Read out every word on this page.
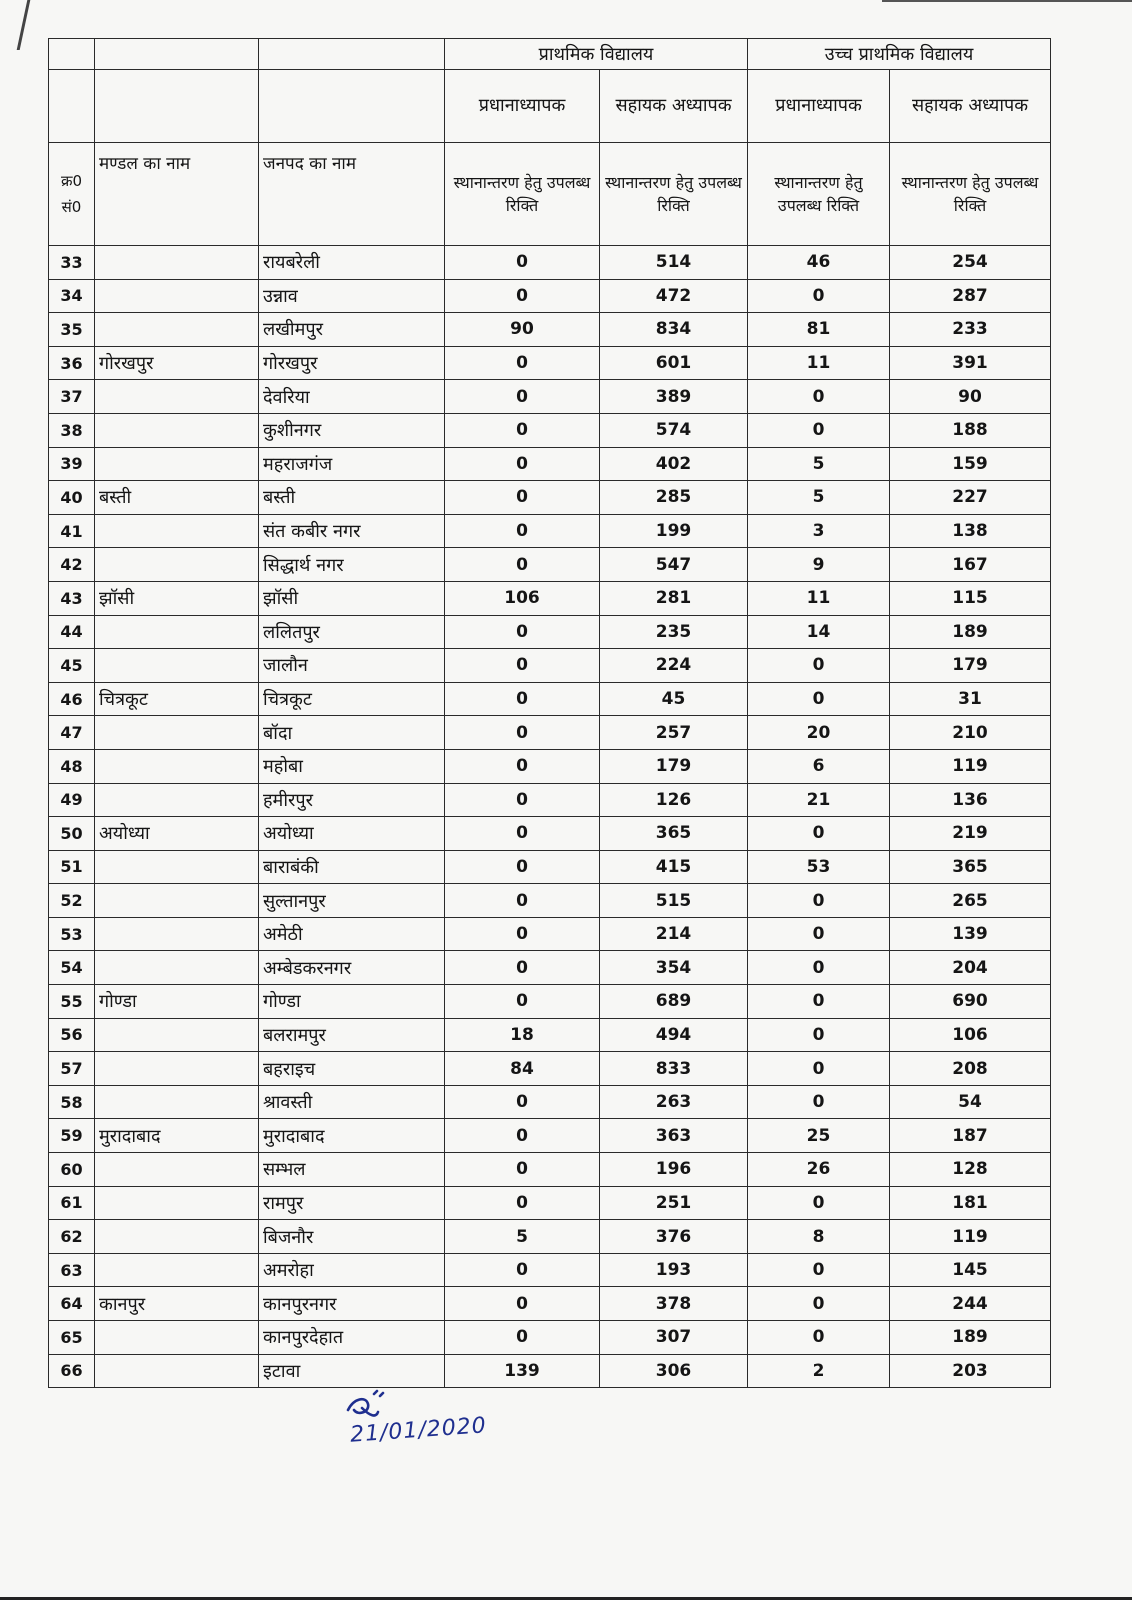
			प्राथमिक विद्यालय		उच्च प्राथमिक विद्यालय	
			प्रधानाध्यापक	सहायक अध्यापक	प्रधानाध्यापक	सहायक अध्यापक
क्र0 सं0	मण्डल का नाम	जनपद का नाम	स्थानान्तरण हेतु उपलब्ध रिक्ति	स्थानान्तरण हेतु उपलब्ध रिक्ति	स्थानान्तरण हेतु उपलब्ध रिक्ति	स्थानान्तरण हेतु उपलब्ध रिक्ति
33		रायबरेली	0	514	46	254
34		उन्नाव	0	472	0	287
35		लखीमपुर	90	834	81	233
36	गोरखपुर	गोरखपुर	0	601	11	391
37		देवरिया	0	389	0	90
38		कुशीनगर	0	574	0	188
39		महराजगंज	0	402	5	159
40	बस्ती	बस्ती	0	285	5	227
41		संत कबीर नगर	0	199	3	138
42		सिद्धार्थ नगर	0	547	9	167
43	झॉसी	झॉसी	106	281	11	115
44		ललितपुर	0	235	14	189
45		जालौन	0	224	0	179
46	चित्रकूट	चित्रकूट	0	45	0	31
47		बॉदा	0	257	20	210
48		महोबा	0	179	6	119
49		हमीरपुर	0	126	21	136
50	अयोध्या	अयोध्या	0	365	0	219
51		बाराबंकी	0	415	53	365
52		सुल्तानपुर	0	515	0	265
53		अमेठी	0	214	0	139
54		अम्बेडकरनगर	0	354	0	204
55	गोण्डा	गोण्डा	0	689	0	690
56		बलरामपुर	18	494	0	106
57		बहराइच	84	833	0	208
58		श्रावस्ती	0	263	0	54
59	मुरादाबाद	मुरादाबाद	0	363	25	187
60		सम्भल	0	196	26	128
61		रामपुर	0	251	0	181
62		बिजनौर	5	376	8	119
63		अमरोहा	0	193	0	145
64	कानपुर	कानपुरनगर	0	378	0	244
65		कानपुरदेहात	0	307	0	189
66		इटावा	139	306	2	203
21/01/2020
